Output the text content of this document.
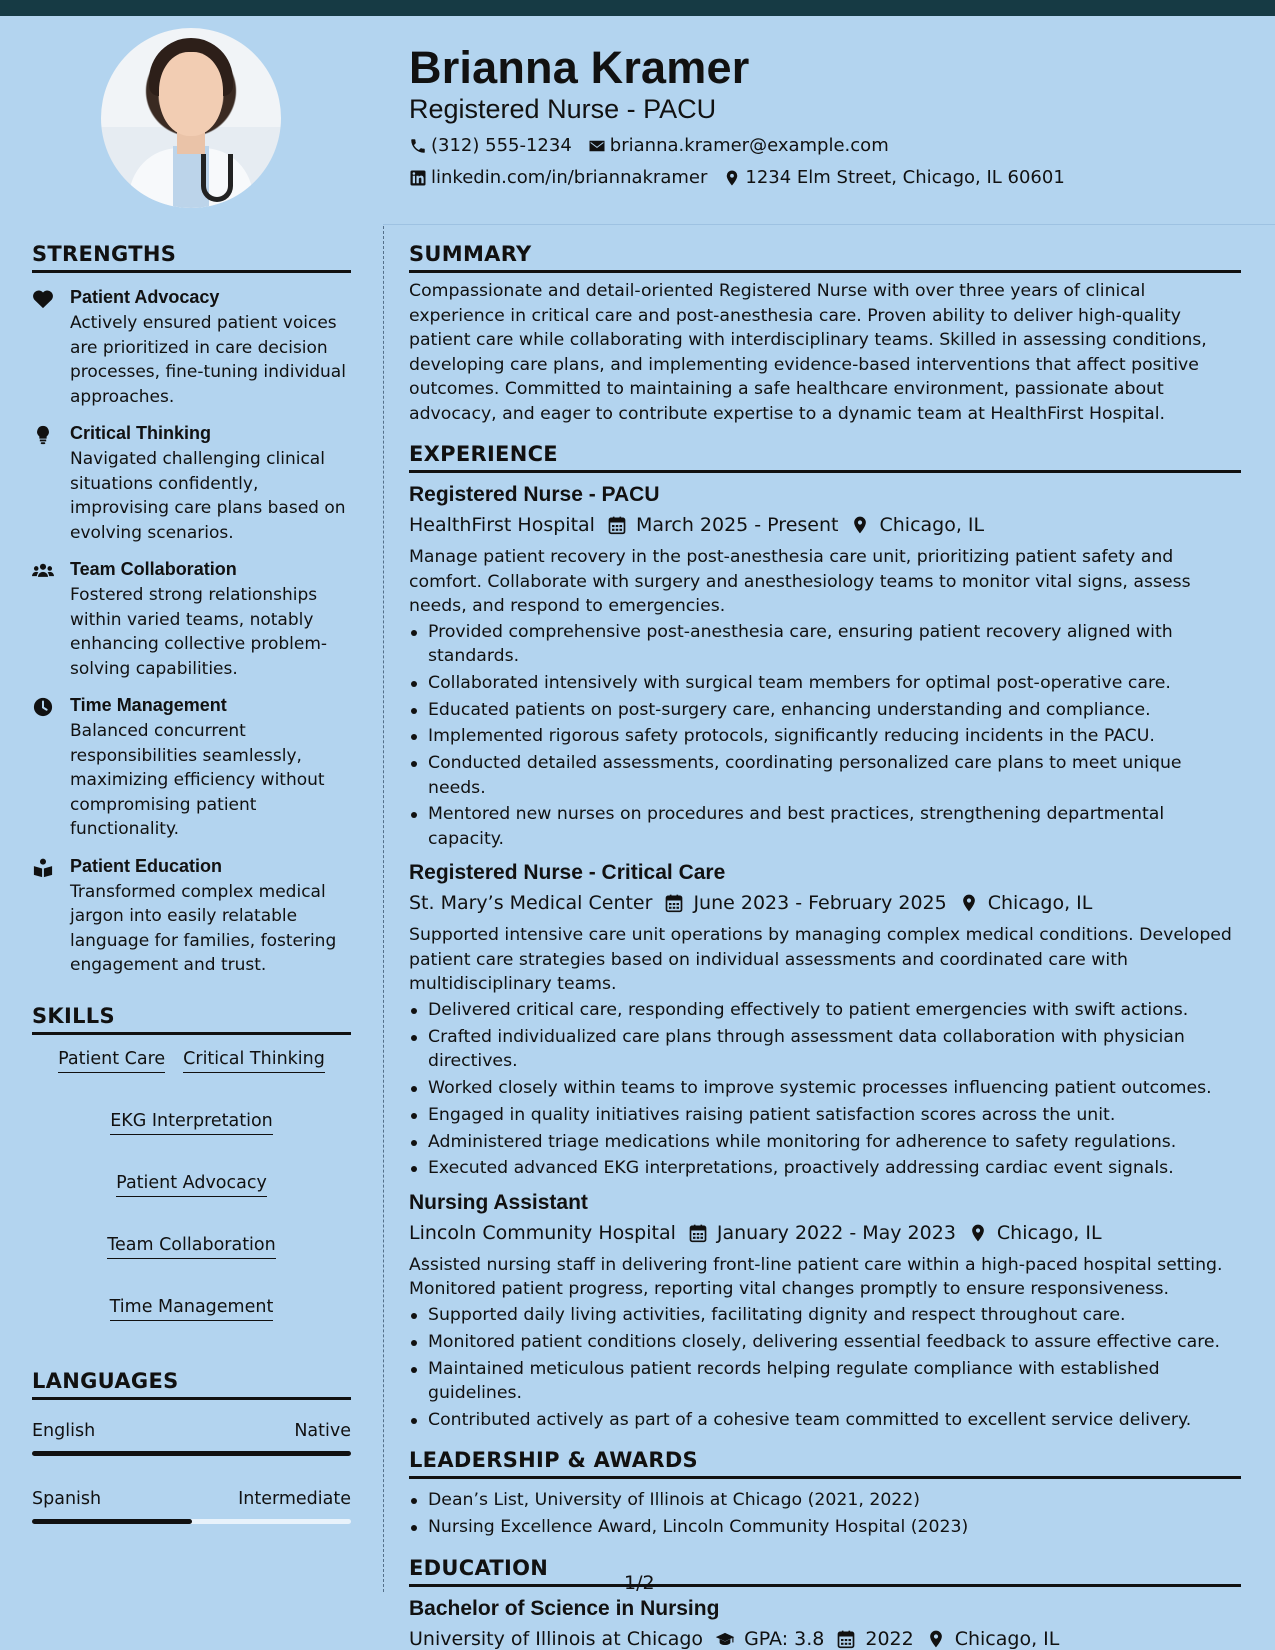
Brianna Kramer
Registered Nurse - PACU
(312) 555-1234 brianna.kramer@example.com
linkedin.com/in/briannakramer 1234 Elm Street, Chicago, IL 60601
STRENGTHS
Patient Advocacy

Actively ensured patient voices are prioritized in care decision processes, fine-tuning individual approaches.

Critical Thinking

Navigated challenging clinical situations confidently, improvising care plans based on evolving scenarios.

Team Collaboration

Fostered strong relationships within varied teams, notably enhancing collective problem-solving capabilities.

Time Management

Balanced concurrent responsibilities seamlessly, maximizing efficiency without compromising patient functionality.

Patient Education

Transformed complex medical jargon into easily relatable language for families, fostering engagement and trust.

SKILLS
Patient Care Critical Thinking
EKG Interpretation
Patient Advocacy
Team Collaboration
Time Management
LANGUAGES
English	Native
Spanish	Intermediate
SUMMARY

Compassionate and detail-oriented Registered Nurse with over three years of clinical experience in critical care and post-anesthesia care. Proven ability to deliver high-quality patient care while collaborating with interdisciplinary teams. Skilled in assessing conditions, developing care plans, and implementing evidence-based interventions that affect positive outcomes. Committed to maintaining a safe healthcare environment, passionate about advocacy, and eager to contribute expertise to a dynamic team at HealthFirst Hospital.

EXPERIENCE
Registered Nurse - PACU
HealthFirst Hospital March 2025 - Present Chicago, IL

Manage patient recovery in the post-anesthesia care unit, prioritizing patient safety and comfort. Collaborate with surgery and anesthesiology teams to monitor vital signs, assess needs, and respond to emergencies.

Provided comprehensive post-anesthesia care, ensuring patient recovery aligned with standards.
Collaborated intensively with surgical team members for optimal post-operative care.
Educated patients on post-surgery care, enhancing understanding and compliance.
Implemented rigorous safety protocols, significantly reducing incidents in the PACU.
Conducted detailed assessments, coordinating personalized care plans to meet unique needs.
Mentored new nurses on procedures and best practices, strengthening departmental capacity.
Registered Nurse - Critical Care
St. Mary’s Medical Center June 2023 - February 2025 Chicago, IL

Supported intensive care unit operations by managing complex medical conditions. Developed patient care strategies based on individual assessments and coordinated care with multidisciplinary teams.

Delivered critical care, responding effectively to patient emergencies with swift actions.
Crafted individualized care plans through assessment data collaboration with physician directives.
Worked closely within teams to improve systemic processes influencing patient outcomes.
Engaged in quality initiatives raising patient satisfaction scores across the unit.
Administered triage medications while monitoring for adherence to safety regulations.
Executed advanced EKG interpretations, proactively addressing cardiac event signals.
Nursing Assistant
Lincoln Community Hospital January 2022 - May 2023 Chicago, IL

Assisted nursing staff in delivering front-line patient care within a high-paced hospital setting. Monitored patient progress, reporting vital changes promptly to ensure responsiveness.

Supported daily living activities, facilitating dignity and respect throughout care.
Monitored patient conditions closely, delivering essential feedback to assure effective care.
Maintained meticulous patient records helping regulate compliance with established guidelines.
Contributed actively as part of a cohesive team committed to excellent service delivery.
LEADERSHIP & AWARDS
Dean’s List, University of Illinois at Chicago (2021, 2022)
Nursing Excellence Award, Lincoln Community Hospital (2023)
EDUCATION
Bachelor of Science in Nursing
University of Illinois at Chicago GPA: 3.8 2022 Chicago, IL
1/2
